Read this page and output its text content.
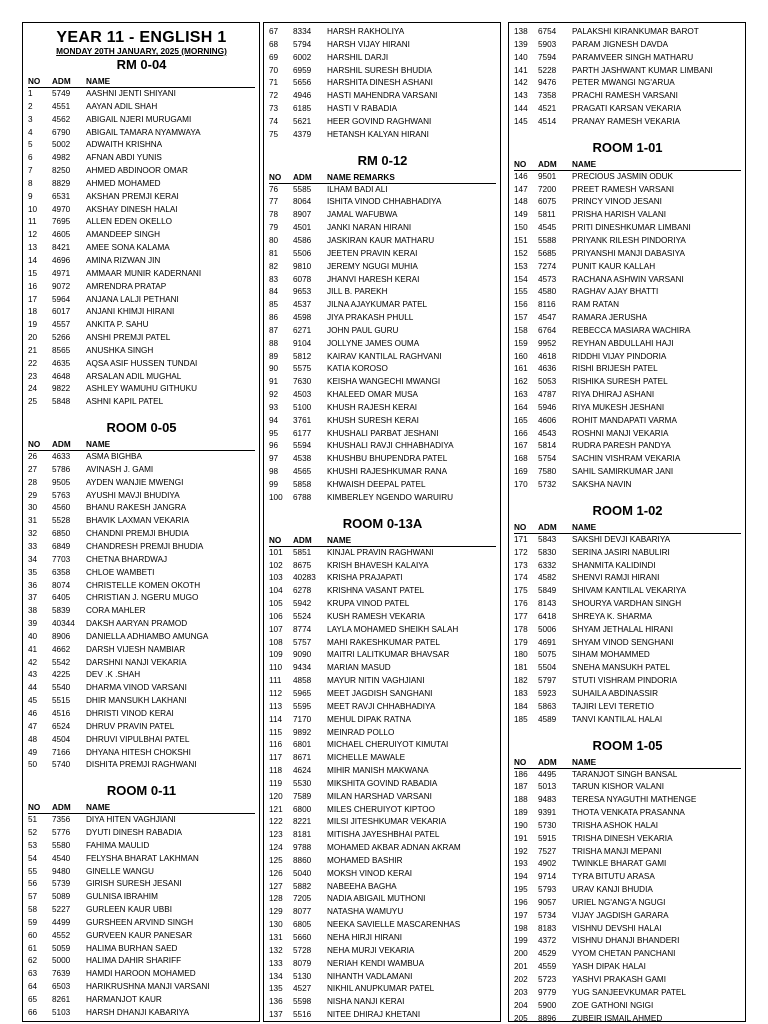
YEAR 11 - ENGLISH 1
MONDAY 20TH JANUARY, 2025 (MORNING)
RM 0-04
NO	ADM	NAME
1	5749	AASHNI JENTI SHIYANI
2	4551	AAYAN ADIL SHAH
3	4562	ABIGAIL NJERI MURUGAMI
4	6790	ABIGAIL TAMARA NYAMWAYA
5	5002	ADWAITH KRISHNA
6	4982	AFNAN ABDI YUNIS
7	8250	AHMED ABDINOOR OMAR
8	8829	AHMED MOHAMED
9	6531	AKSHAN PREMJI KERAI
10	4970	AKSHAY DINESH HALAI
11	7695	ALLEN EDEN OKELLO
12	4605	AMANDEEP SINGH
13	8421	AMEE SONA KALAMA
14	4696	AMINA RIZWAN JIN
15	4971	AMMAAR MUNIR KADERNANI
16	9072	AMRENDRA PRATAP
17	5964	ANJANA LALJI PETHANI
18	6017	ANJANI KHIMJI HIRANI
19	4557	ANKITA P. SAHU
20	5266	ANSHI PREMJI PATEL
21	8565	ANUSHKA SINGH
22	4635	AQSA ASIF HUSSEN TUNDAI
23	4648	ARSALAN ADIL MUGHAL
24	9822	ASHLEY WAMUHU GITHUKU
25	5848	ASHNI KAPIL PATEL
ROOM 0-05
NO	ADM	NAME
26	4633	ASMA BIGHBA
27	5786	AVINASH J. GAMI
28	9505	AYDEN WANJIE MWENGI
29	5763	AYUSHI MAVJI BHUDIYA
30	4560	BHANU RAKESH JANGRA
31	5528	BHAVIK LAXMAN VEKARIA
32	6850	CHANDNI PREMJI BHUDIA
33	6849	CHANDRESH PREMJI BHUDIA
34	7703	CHETNA BHARDWAJ
35	6358	CHLOE WAMBETI
36	8074	CHRISTELLE KOMEN OKOTH
37	6405	CHRISTIAN J. NGERU MUGO
38	5839	CORA MAHLER
39	40344	DAKSH AARYAN PRAMOD
40	8906	DANIELLA ADHIAMBO AMUNGA
41	4662	DARSH VIJESH NAMBIAR
42	5542	DARSHNI NANJI VEKARIA
43	4225	DEV .K .SHAH
44	5540	DHARMA VINOD VARSANI
45	5515	DHIR MANSUKH LAKHANI
46	4516	DHRISTI VINOD KERAI
47	6524	DHRUV PRAVIN PATEL
48	4504	DHRUVI VIPULBHAI PATEL
49	7166	DHYANA HITESH CHOKSHI
50	5740	DISHITA PREMJI RAGHWANI
ROOM 0-11
NO	ADM	NAME
51	7356	DIYA HITEN VAGHJIANI
52	5776	DYUTI DINESH RABADIA
53	5580	FAHIMA MAULID
54	4540	FELYSHA BHARAT LAKHMAN
55	9480	GINELLE WANGU
56	5739	GIRISH SURESH JESANI
57	5089	GULNISA IBRAHIM
58	5227	GURLEEN KAUR UBBI
59	4499	GURSHEEN ARVIND SINGH
60	4552	GURVEEN KAUR PANESAR
61	5059	HALIMA BURHAN SAED
62	5000	HALIMA DAHIR SHARIFF
63	7639	HAMDI HAROON MOHAMED
64	6503	HARIKRUSHNA MANJI VARSANI
65	8261	HARMANJOT KAUR
66	5103	HARSH DHANJI KABARIYA
67	8334	HARSH RAKHOLIYA
68	5794	HARSH VIJAY HIRANI
69	6002	HARSHIL DARJI
70	6959	HARSHIL SURESH BHUDIA
71	5656	HARSHITA DINESH ASHANI
72	4946	HASTI MAHENDRA VARSANI
73	6185	HASTI V RABADIA
74	5621	HEER GOVIND RAGHWANI
75	4379	HETANSH KALYAN HIRANI
RM 0-12
NO	ADM	NAME REMARKS
76	5585	ILHAM BADI ALI
77	8064	ISHITA VINOD CHHABHADIYA
78	8907	JAMAL WAFUBWA
79	4501	JANKI NARAN HIRANI
80	4586	JASKIRAN KAUR MATHARU
81	5506	JEETEN PRAVIN KERAI
82	9810	JEREMY NGUGI MUHIA
83	6078	JHANVI HARESH KERAI
84	9653	JILL B. PAREKH
85	4537	JILNA AJAYKUMAR PATEL
86	4598	JIYA PRAKASH PHULL
87	6271	JOHN PAUL GURU
88	9104	JOLLYNE JAMES OUMA
89	5812	KAIRAV KANTILAL RAGHVANI
90	5575	KATIA KOROSO
91	7630	KEISHA WANGECHI MWANGI
92	4503	KHALEED OMAR MUSA
93	5100	KHUSH RAJESH KERAI
94	3761	KHUSH SURESH KERAI
95	6177	KHUSHALI PARBAT JESHANI
96	5594	KHUSHALI RAVJI CHHABHADIYA
97	4538	KHUSHBU BHUPENDRA PATEL
98	4565	KHUSHI RAJESHKUMAR RANA
99	5858	KHWAISH DEEPAL PATEL
100	6788	KIMBERLEY NGENDO WARUIRU
ROOM 0-13A
NO	ADM	NAME
101	5851	KINJAL PRAVIN RAGHWANI
102	8675	KRISH BHAVESH KALAIYA
103	40283	KRISHA PRAJAPATI
104	6278	KRISHNA VASANT PATEL
105	5942	KRUPA VINOD PATEL
106	5524	KUSH RAMESH VEKARIA
107	8774	LAYLA MOHAMED SHEIKH SALAH
108	5757	MAHI RAKESHKUMAR PATEL
109	9090	MAITRI LALITKUMAR BHAVSAR
110	9434	MARIAN MASUD
111	4858	MAYUR NITIN VAGHJIANI
112	5965	MEET JAGDISH SANGHANI
113	5595	MEET RAVJI CHHABHADIYA
114	7170	MEHUL DIPAK RATNA
115	9892	MEINRAD POLLO
116	6801	MICHAEL CHERUIYOT KIMUTAI
117	8671	MICHELLE MAWALE
118	4624	MIHIR MANISH MAKWANA
119	5530	MIKSHITA GOVIND RABADIA
120	7589	MILAN HARSHAD VARSANI
121	6800	MILES CHERUIYOT KIPTOO
122	8221	MILSI JITESHKUMAR VEKARIA
123	8181	MITISHA JAYESHBHAI PATEL
124	9788	MOHAMED AKBAR ADNAN AKRAM
125	8860	MOHAMED BASHIR
126	5040	MOKSH VINOD KERAI
127	5882	NABEEHA BAGHA
128	7205	NADIA ABIGAIL MUTHONI
129	8077	NATASHA WAMUYU
130	6805	NEEKA SAVIELLE MASCARENHAS
131	5660	NEHA HIRJI HIRANI
132	5728	NEHA MURJI VEKARIA
133	8079	NERIAH KENDI WAMBUA
134	5130	NIHANTH VADLAMANI
135	4527	NIKHIL ANUPKUMAR PATEL
136	5598	NISHA NANJI KERAI
137	5516	NITEE DHIRAJ KHETANI
138	6754	PALAKSHI KIRANKUMAR BAROT
139	5903	PARAM JIGNESH DAVDA
140	7594	PARAMVEER SINGH MATHARU
141	5228	PARTH JASHWANT KUMAR LIMBANI
142	9476	PETER MWANGI NG'ARUA
143	7358	PRACHI RAMESH VARSANI
144	4521	PRAGATI KARSAN VEKARIA
145	4514	PRANAY RAMESH VEKARIA
ROOM 1-01
NO	ADM	NAME
146	9501	PRECIOUS JASMIN ODUK
147	7200	PREET RAMESH VARSANI
148	6075	PRINCY VINOD JESANI
149	5811	PRISHA HARISH VALANI
150	4545	PRITI DINESHKUMAR LIMBANI
151	5588	PRIYANK RILESH PINDORIYA
152	5685	PRIYANSHI MANJI DABASIYA
153	7274	PUNIT KAUR KALLAH
154	4573	RACHANA ASHWIN VARSANI
155	4580	RAGHAV AJAY BHATTI
156	8116	RAM RATAN
157	4547	RAMARA JERUSHA
158	6764	REBECCA MASIARA WACHIRA
159	9952	REYHAN ABDULLAHI HAJI
160	4618	RIDDHI VIJAY PINDORIA
161	4636	RISHI BRIJESH PATEL
162	5053	RISHIKA SURESH PATEL
163	4787	RIYA DHIRAJ ASHANI
164	5946	RIYA MUKESH JESHANI
165	4606	ROHIT MANDAPATI VARMA
166	4543	ROSHNI MANJI VEKARIA
167	5814	RUDRA PARESH PANDYA
168	5754	SACHIN VISHRAM VEKARIA
169	7580	SAHIL SAMIRKUMAR JANI
170	5732	SAKSHA NAVIN
ROOM 1-02
NO	ADM	NAME
171	5843	SAKSHI DEVJI KABARIYA
172	5830	SERINA JASIRI NABULIRI
173	6332	SHANMITA KALIDINDI
174	4582	SHENVI RAMJI HIRANI
175	5849	SHIVAM KANTILAL VEKARIYA
176	8143	SHOURYA VARDHAN SINGH
177	6418	SHREYA K. SHARMA
178	5006	SHYAM JETHALAL HIRANI
179	4691	SHYAM VINOD SENGHANI
180	5075	SIHAM MOHAMMED
181	5504	SNEHA MANSUKH PATEL
182	5797	STUTI VISHRAM PINDORIA
183	5923	SUHAILA ABDINASSIR
184	5863	TAJIRI LEVI TERETIO
185	4589	TANVI KANTILAL HALAI
ROOM 1-05
NO	ADM	NAME
186	4495	TARANJOT SINGH BANSAL
187	5013	TARUN KISHOR VALANI
188	9483	TERESA NYAGUTHI MATHENGE
189	9391	THOTA VENKATA PRASANNA
190	5730	TRISHA ASHOK HALAI
191	5915	TRISHA DINESH VEKARIA
192	7527	TRISHA MANJI MEPANI
193	4902	TWINKLE BHARAT GAMI
194	9714	TYRA BITUTU ARASA
195	5793	URAV KANJI BHUDIA
196	9057	URIEL NG'ANG'A NGUGI
197	5734	VIJAY JAGDISH GARARA
198	8183	VISHNU DEVSHI HALAI
199	4372	VISHNU DHANJI BHANDERI
200	4529	VYOM CHETAN PANCHANI
201	4559	YASH DIPAK HALAI
202	5723	YASHVI PRAKASH GAMI
203	9779	YUG SANJEEVKUMAR PATEL
204	5900	ZOE GATHONI NGIGI
205	8896	ZUBEIR ISMAIL AHMED
